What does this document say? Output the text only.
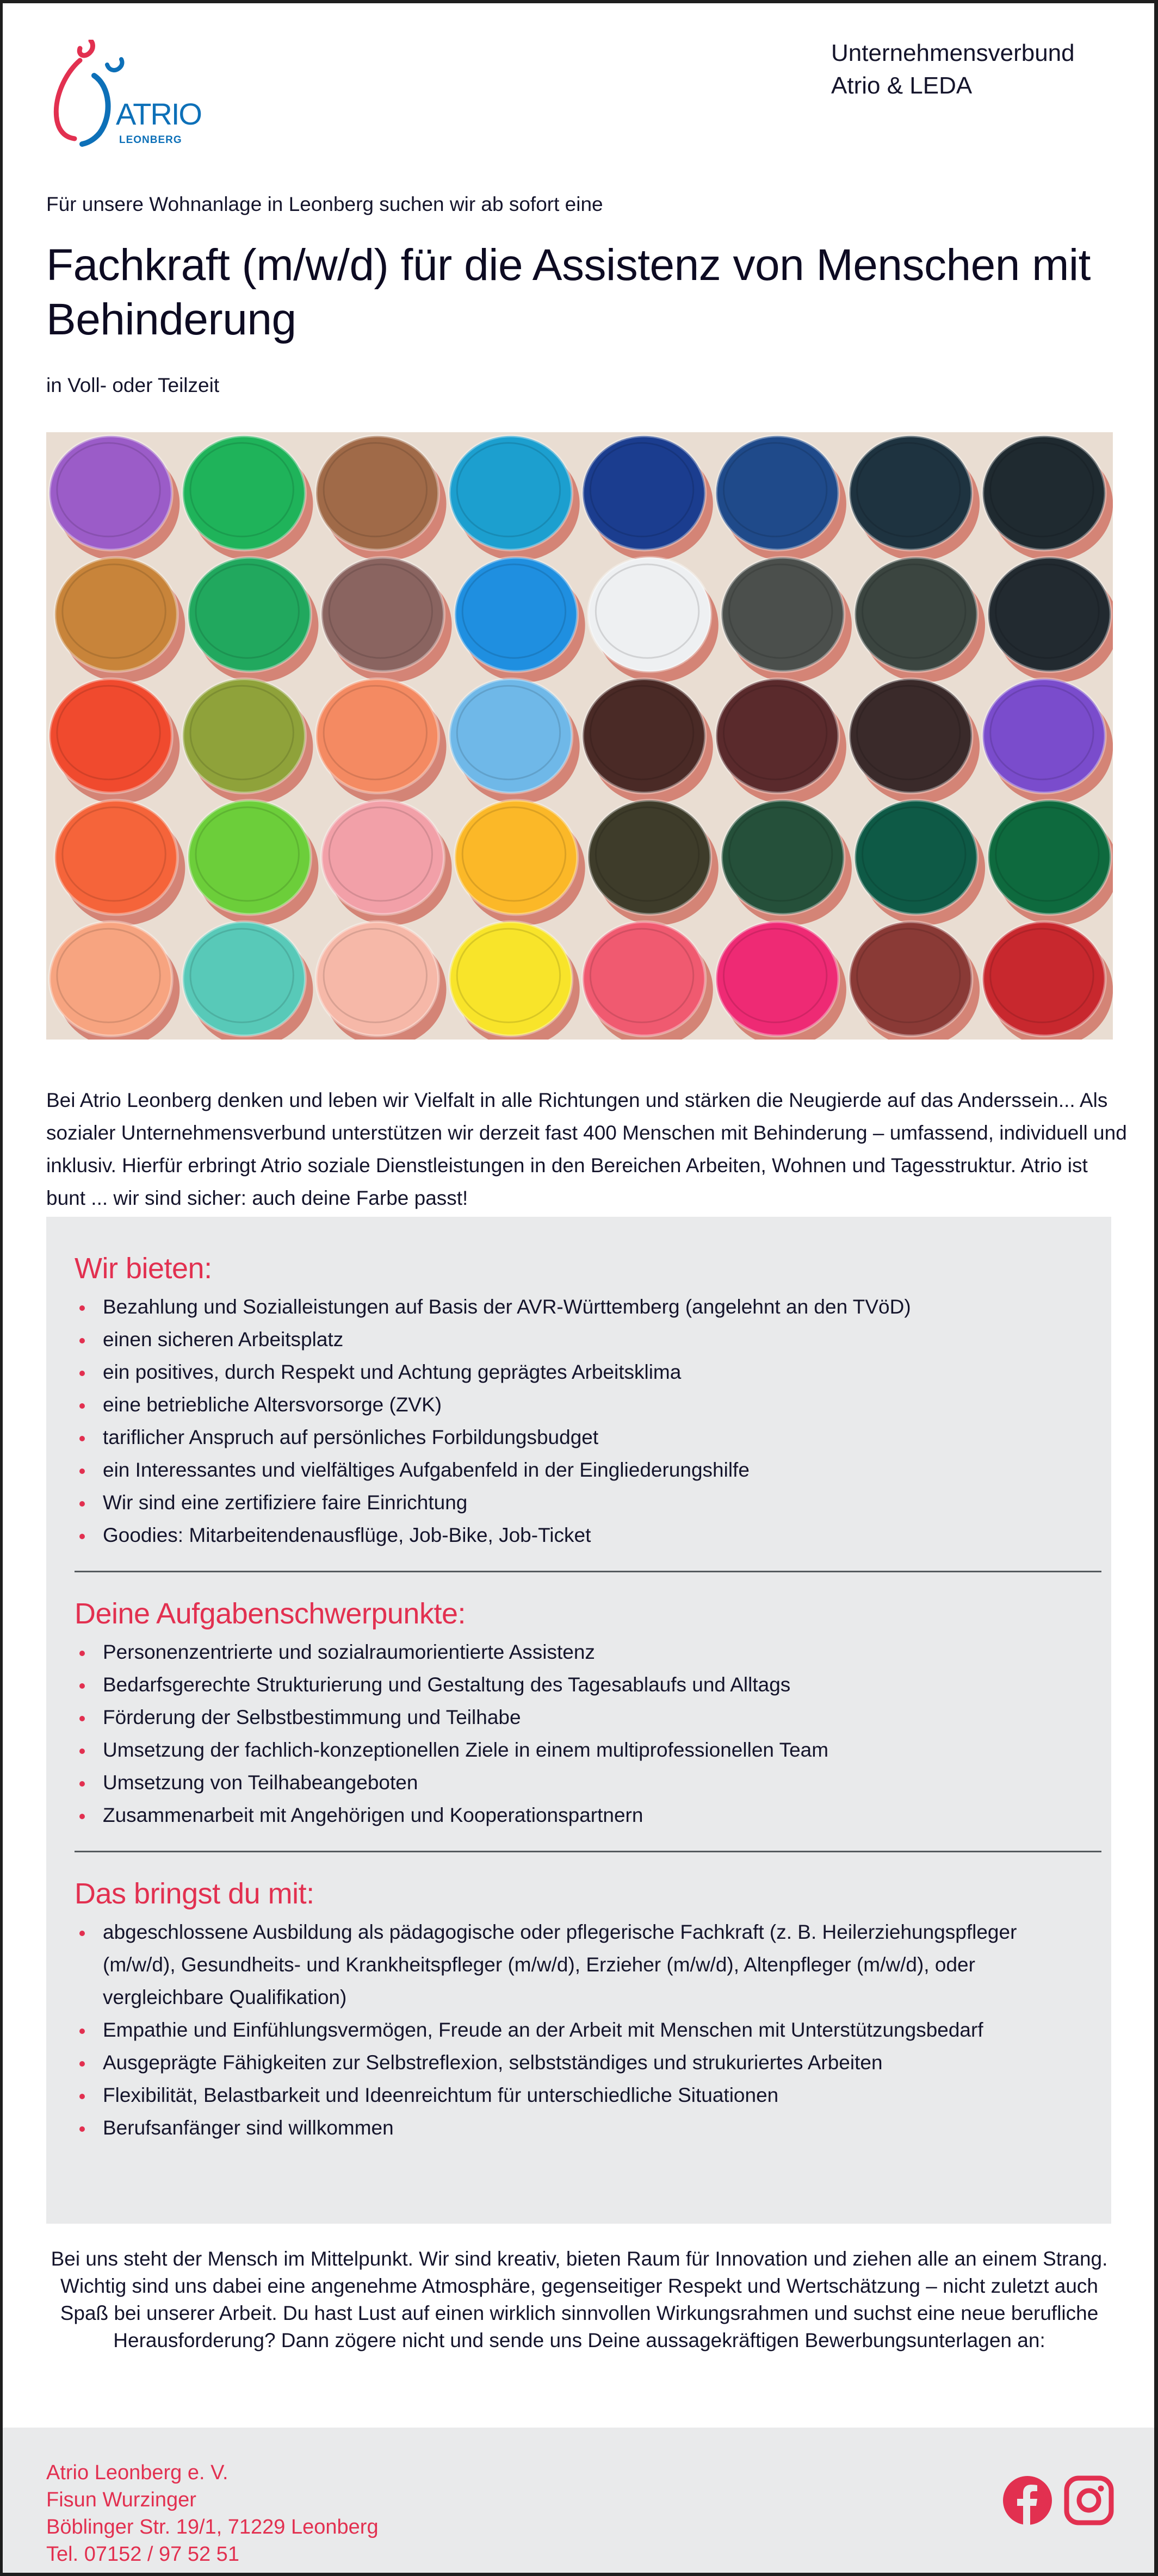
ATRIO
LEONBERG
Unternehmensverbund
Atrio & LEDA
Für unsere Wohnanlage in Leonberg suchen wir ab sofort eine
Fachkraft (m/w/d) für die Assistenz von Menschen mit Behinderung
in Voll- oder Teilzeit

Bei Atrio Leonberg denken und leben wir Vielfalt in alle Richtungen und stärken die Neugierde auf das Anderssein... Als sozialer Unternehmensverbund unterstützen wir derzeit fast 400 Menschen mit Behinderung – umfassend, individuell und inklusiv. Hierfür erbringt Atrio soziale Dienstleistungen in den Bereichen Arbeiten, Wohnen und Tagesstruktur. Atrio ist bunt ... wir sind sicher: auch deine Farbe passt!

Wir bieten:
Bezahlung und Sozialleistungen auf Basis der AVR-Württemberg (angelehnt an den TVöD)
einen sicheren Arbeitsplatz
ein positives, durch Respekt und Achtung geprägtes Arbeitsklima
eine betriebliche Altersvorsorge (ZVK)
tariflicher Anspruch auf persönliches Forbildungsbudget
ein Interessantes und vielfältiges Aufgabenfeld in der Eingliederungshilfe
Wir sind eine zertifiziere faire Einrichtung
Goodies: Mitarbeitendenausflüge, Job-Bike, Job-Ticket
Deine Aufgabenschwerpunkte:
Personenzentrierte und sozialraumorientierte Assistenz
Bedarfsgerechte Strukturierung und Gestaltung des Tagesablaufs und Alltags
Förderung der Selbstbestimmung und Teilhabe
Umsetzung der fachlich-konzeptionellen Ziele in einem multiprofessionellen Team
Umsetzung von Teilhabeangeboten
Zusammenarbeit mit Angehörigen und Kooperationspartnern
Das bringst du mit:
abgeschlossene Ausbildung als pädagogische oder pflegerische Fachkraft (z. B. Heilerziehungspfleger (m/w/d), Gesundheits- und Krankheitspfleger (m/w/d), Erzieher (m/w/d), Altenpfleger (m/w/d), oder vergleichbare Qualifikation)
Empathie und Einfühlungsvermögen, Freude an der Arbeit mit Menschen mit Unterstützungsbedarf
Ausgeprägte Fähigkeiten zur Selbstreflexion, selbstständiges und strukuriertes Arbeiten
Flexibilität, Belastbarkeit und Ideenreichtum für unterschiedliche Situationen
Berufsanfänger sind willkommen

Bei uns steht der Mensch im Mittelpunkt. Wir sind kreativ, bieten Raum für Innovation und ziehen alle an einem Strang. Wichtig sind uns dabei eine angenehme Atmosphäre, gegenseitiger Respekt und Wertschätzung – nicht zuletzt auch Spaß bei unserer Arbeit. Du hast Lust auf einen wirklich sinnvollen Wirkungsrahmen und suchst eine neue berufliche Herausforderung? Dann zögere nicht und sende uns Deine aussagekräftigen Bewerbungsunterlagen an:

Atrio Leonberg e. V.
Fisun Wurzinger
Böblinger Str. 19/1, 71229 Leonberg
Tel. 07152 / 97 52 51
